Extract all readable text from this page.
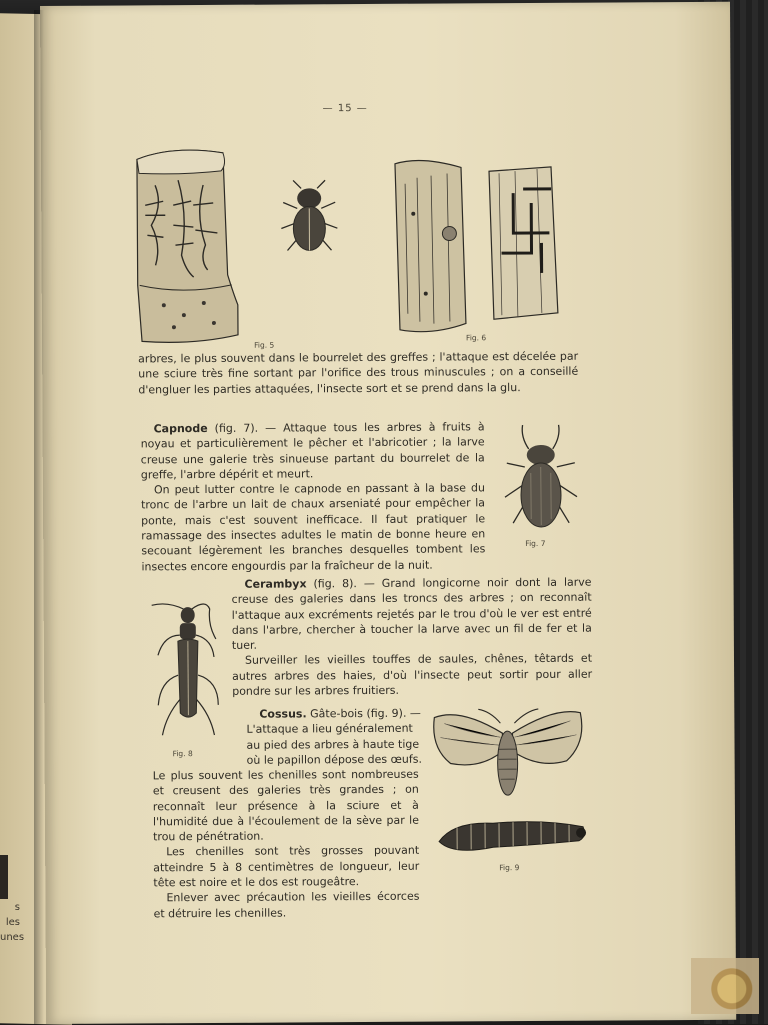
s les
unes
— 15 —
Fig. 5
Fig. 6
arbres, le plus souvent dans le bourrelet des greffes ; l'attaque est décelée par une sciure très fine sortant par l'orifice des trous minuscules ; on a conseillé d'engluer les parties attaquées, l'insecte sort et se prend dans la glu.

Capnode (fig. 7). — Attaque tous les arbres à fruits à noyau et particulièrement le pêcher et l'abricotier ; la larve creuse une galerie très sinueuse partant du bourrelet de la greffe, l'arbre dépérit et meurt.

On peut lutter contre le capnode en passant à la base du tronc de l'arbre un lait de chaux arseniaté pour empêcher la ponte, mais c'est souvent inefficace. Il faut pratiquer le ramassage des insectes adultes le matin de bonne heure en secouant légèrement les branches desquelles tombent les insectes encore engourdis par la fraîcheur de la nuit.

Fig. 7
Fig. 8

Cerambyx (fig. 8). — Grand longicorne noir dont la larve creuse des galeries dans les troncs des arbres ; on reconnaît l'attaque aux excréments rejetés par le trou d'où le ver est entré dans l'arbre, chercher à toucher la larve avec un fil de fer et la tuer.

Surveiller les vieilles touffes de saules, chênes, têtards et autres arbres des haies, d'où l'insecte peut sortir pour aller pondre sur les arbres fruitiers.

Cossus. Gâte-bois (fig. 9). —

L'attaque a lieu généralement

au pied des arbres à haute tige

où le papillon dépose des œufs.

Le plus souvent les chenilles sont nombreuses et creusent des galeries très grandes ; on reconnaît leur présence à la sciure et à l'humidité due à l'écoulement de la sève par le trou de pénétration.

Les chenilles sont très grosses pouvant atteindre 5 à 8 centimètres de longueur, leur tête est noire et le dos est rougeâtre.

Enlever avec précaution les vieilles écorces et détruire les chenilles.

Fig. 9
